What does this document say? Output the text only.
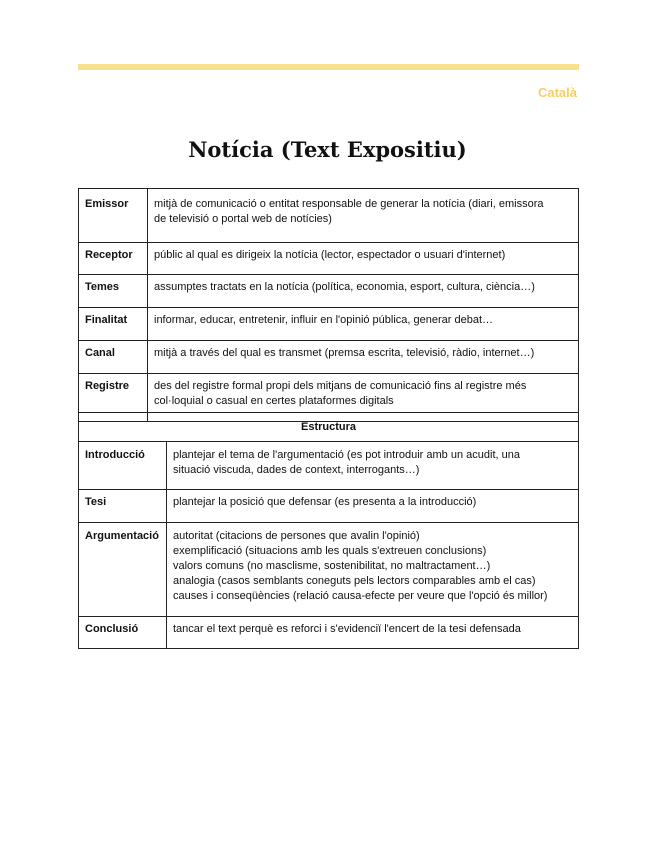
Català
Notícia (Text Expositiu)
Emissor	mitjà de comunicació o entitat responsable de generar la notícia (diari, emissora
de televisió o portal web de notícies)

Receptor	públic al qual es dirigeix la notícia (lector, espectador o usuari d'internet)

Temes	assumptes tractats en la notícia (política, economia, esport, cultura, ciència…)

Finalitat	informar, educar, entretenir, influir en l'opinió pública, generar debat…

Canal	mitjà a través del qual es transmet (premsa escrita, televisió, ràdio, internet…)

Registre	des del registre formal propi dels mitjans de comunicació fins al registre més
col·loquial o casual en certes plataformes digitals
Estructura	
Introducció	plantejar el tema de l'argumentació (es pot introduir amb un acudit, una
situació viscuda, dades de context, interrogants…)

Tesi	plantejar la posició que defensar (es presenta a la introducció)

Argumentació	autoritat (citacions de persones que avalin l'opinió)
exemplificació (situacions amb les quals s'extreuen conclusions)
valors comuns (no masclisme, sostenibilitat, no maltractament…)
analogia (casos semblants coneguts pels lectors comparables amb el cas)
causes i conseqüències (relació causa-efecte per veure que l'opció és millor)

Conclusió	tancar el text perquè es reforci i s'evidenciï l'encert de la tesi defensada
